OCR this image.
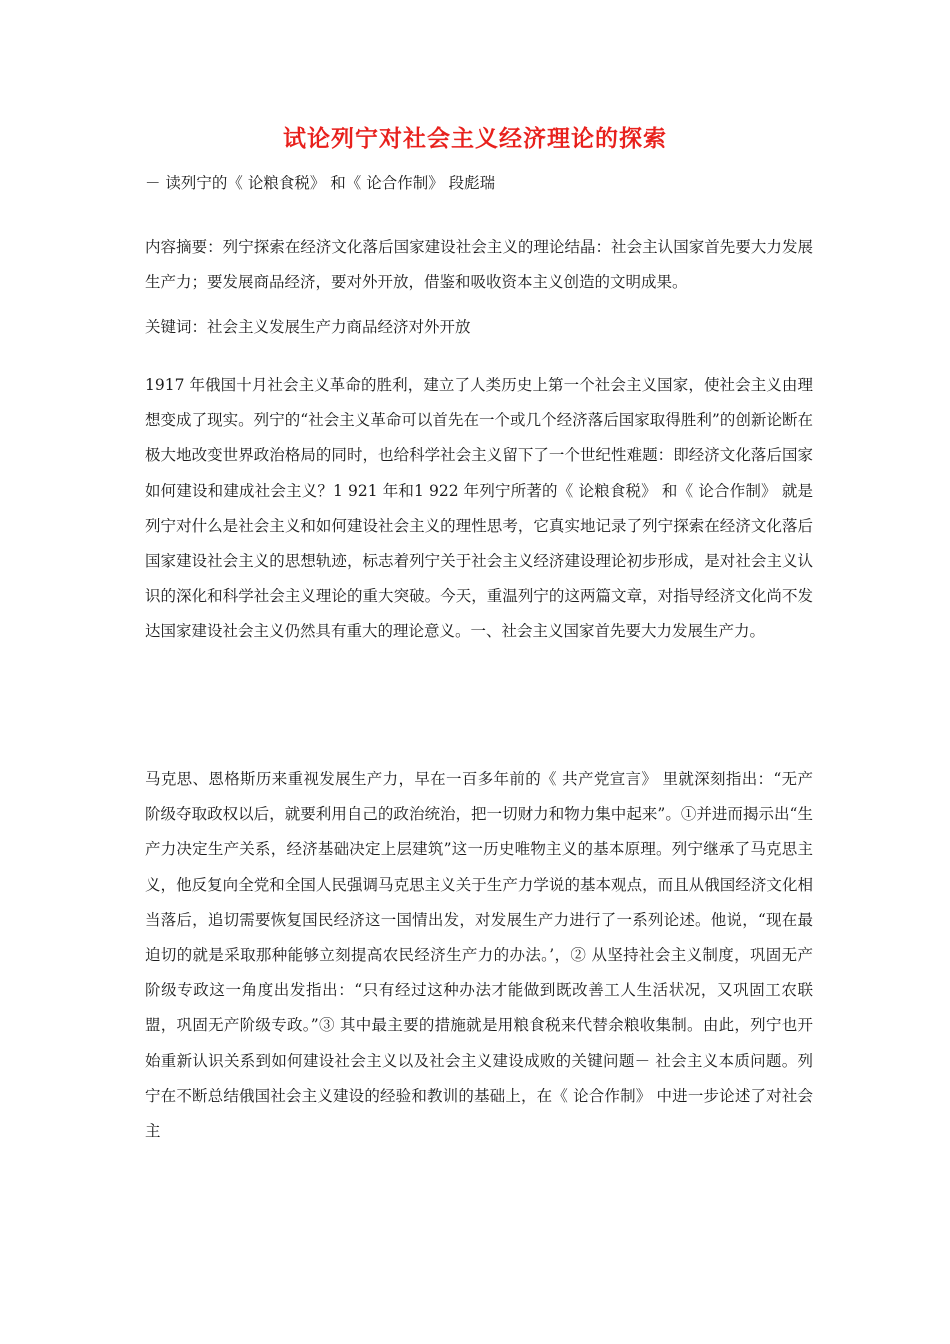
试论列宁对社会主义经济理论的探索
－ 读列宁的《 论粮食税》 和《 论合作制》 段彪瑞
内容摘要：列宁探索在经济文化落后国家建设社会主义的理论结晶：社会主认国家首先要大力发展生产力；要发展商品经济，要对外开放，借鉴和吸收资本主义创造的文明成果。
关键词：社会主义发展生产力商品经济对外开放
1917 年俄国十月社会主义革命的胜利，建立了人类历史上第一个社会主义国家，使社会主义由理想变成了现实。列宁的“社会主义革命可以首先在一个或几个经济落后国家取得胜利”的创新论断在极大地改变世界政治格局的同时，也给科学社会主义留下了一个世纪性难题：即经济文化落后国家如何建设和建成社会主义？1 921 年和1 922 年列宁所著的《 论粮食税》 和《 论合作制》 就是列宁对什么是社会主义和如何建设社会主义的理性思考，它真实地记录了列宁探索在经济文化落后国家建设社会主义的思想轨迹，标志着列宁关于社会主义经济建设理论初步形成，是对社会主义认识的深化和科学社会主义理论的重大突破。今天，重温列宁的这两篇文章，对指导经济文化尚不发达国家建设社会主义仍然具有重大的理论意义。一、社会主义国家首先要大力发展生产力。
马克思、恩格斯历来重视发展生产力，早在一百多年前的《 共产党宣言》 里就深刻指出：“无产阶级夺取政权以后，就要利用自己的政治统治，把一切财力和物力集中起来”。①并进而揭示出“生产力决定生产关系，经济基础决定上层建筑”这一历史唯物主义的基本原理。列宁继承了马克思主义，他反复向全党和全国人民强调马克思主义关于生产力学说的基本观点，而且从俄国经济文化相当落后，追切需要恢复国民经济这一国情出发，对发展生产力进行了一系列论述。他说，“现在最迫切的就是采取那种能够立刻提高农民经济生产力的办法。’，② 从坚持社会主义制度，巩固无产阶级专政这一角度出发指出：“只有经过这种办法才能做到既改善工人生活状况，又巩固工农联盟，巩固无产阶级专政。”③ 其中最主要的措施就是用粮食税来代替余粮收集制。由此，列宁也开始重新认识关系到如何建设社会主义以及社会主义建设成败的关键问题－ 社会主义本质问题。列宁在不断总结俄国社会主义建设的经验和教训的基础上，在《 论合作制》 中进一步论述了对社会主
